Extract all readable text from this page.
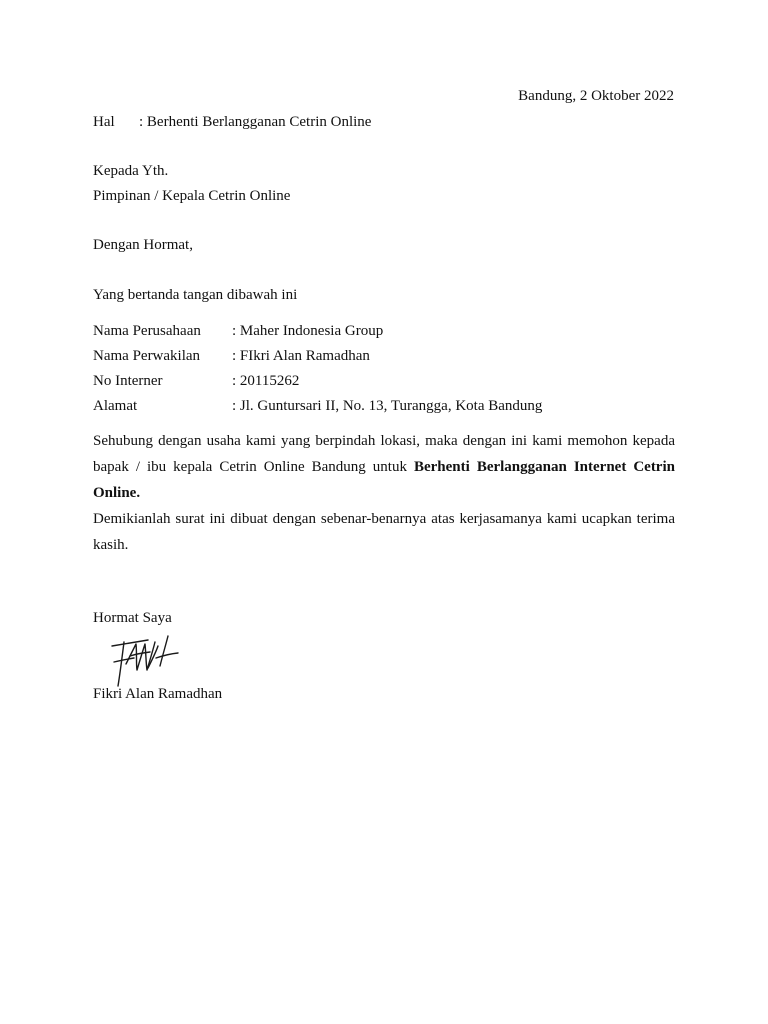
Bandung, 2 Oktober 2022
Hal : Berhenti Berlangganan Cetrin Online
Kepada Yth.
Pimpinan / Kepala Cetrin Online
Dengan Hormat,
Yang bertanda tangan dibawah ini
Nama Perusahaan : Maher Indonesia Group
Nama Perwakilan : FIkri Alan Ramadhan
No Interner	: 20115262
Alamat	: Jl. Guntursari II, No. 13, Turangga, Kota Bandung
Sehubung dengan usaha kami yang berpindah lokasi, maka dengan ini kami memohon kepada bapak / ibu kepala Cetrin Online Bandung untuk Berhenti Berlangganan Internet Cetrin Online.
Demikianlah surat ini dibuat dengan sebenar-benarnya atas kerjasamanya kami ucapkan terima kasih.
Hormat Saya
Fikri Alan Ramadhan
